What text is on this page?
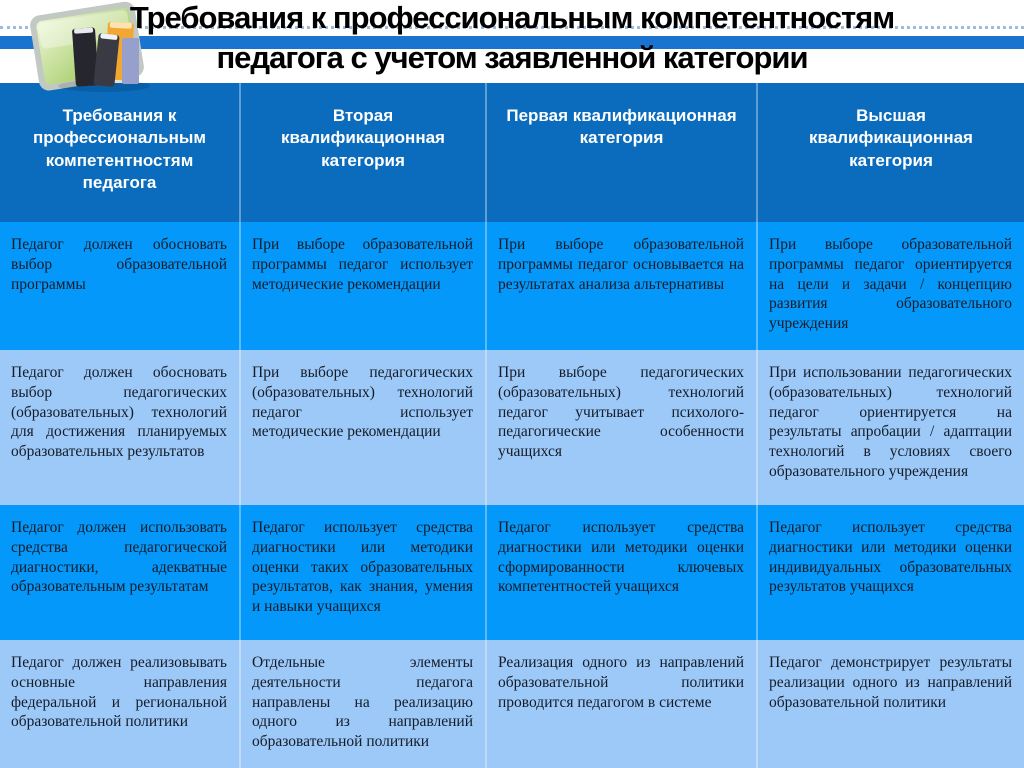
Требования к профессиональным компетентностям
педагога с учетом заявленной категории
Требования к профессиональным компетентностям педагога	Вторая квалификационная категория	Первая квалификационная категория	Высшая квалификационная категория
Педагог должен обосновать выбор образовательной программы	При выборе образовательной программы педагог использует методические рекомендации	При выборе образовательной программы педагог основывается на результатах анализа альтернативы	При выборе образовательной программы педагог ориентируется на цели и задачи / концепцию развития образовательного учреждения
Педагог должен обосновать выбор педагогических (образовательных) технологий для достижения планируемых образовательных результатов	При выборе педагогических (образовательных) технологий педагог использует методические рекомендации	При выборе педагогических (образовательных) технологий педагог учитывает психолого-педагогические особенности учащихся	При использовании педагогических (образовательных) технологий педагог ориентируется на результаты апробации / адаптации технологий в условиях своего образовательного учреждения
Педагог должен использовать средства педагогической диагностики, адекватные образовательным результатам	Педагог использует средства диагностики или методики оценки таких образовательных результатов, как знания, умения и навыки учащихся	Педагог использует средства диагностики или методики оценки сформированности ключевых компетентностей учащихся	Педагог использует средства диагностики или методики оценки индивидуальных образовательных результатов учащихся
Педагог должен реализовывать основные направления федеральной и региональной образовательной политики	Отдельные элементы деятельности педагога направлены на реализацию одного из направлений образовательной политики	Реализация одного из направлений образовательной политики проводится педагогом в системе	Педагог демонстрирует результаты реализации одного из направлений образовательной политики
